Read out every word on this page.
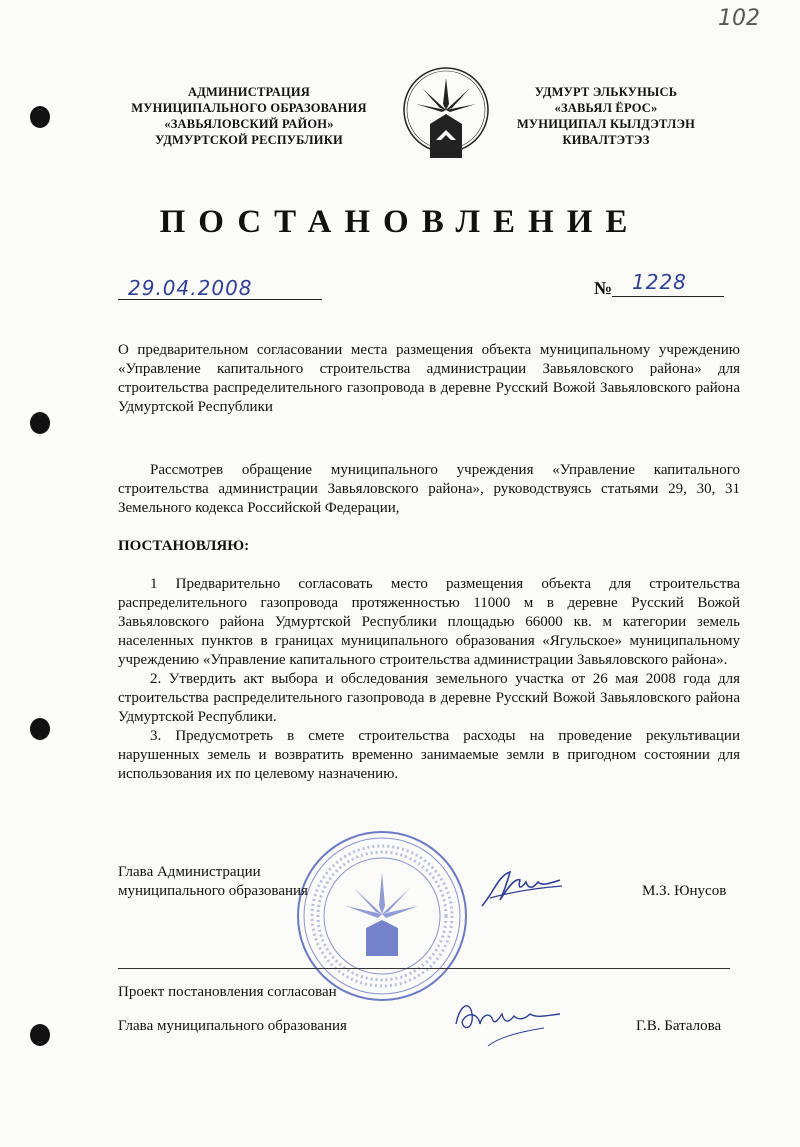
102
АДМИНИСТРАЦИЯ
МУНИЦИПАЛЬНОГО ОБРАЗОВАНИЯ
«ЗАВЬЯЛОВСКИЙ РАЙОН»
УДМУРТСКОЙ РЕСПУБЛИКИ
УДМУРТ ЭЛЬКУНЫСЬ
«ЗАВЬЯЛ ЁРОС»
МУНИЦИПАЛ КЫЛДЭТЛЭН
КИВАЛТЭТЭЗ
ПОСТАНОВЛЕНИЕ
29.04.2008	№ 1228
О предварительном согласовании места размещения объекта муниципальному учреждению «Управление капитального строительства администрации Завьяловского района» для строительства распределительного газопровода в деревне Русский Вожой Завьяловского района Удмуртской Республики
Рассмотрев обращение муниципального учреждения «Управление капитального строительства администрации Завьяловского района», руководствуясь статьями 29, 30, 31 Земельного кодекса Российской Федерации,
ПОСТАНОВЛЯЮ:
1 Предварительно согласовать место размещения объекта для строительства распределительного газопровода протяженностью 11000 м в деревне Русский Вожой Завьяловского района Удмуртской Республики площадью 66000 кв. м категории земель населенных пунктов в границах муниципального образования «Ягульское» муниципальному учреждению «Управление капитального строительства администрации Завьяловского района».
2. Утвердить акт выбора и обследования земельного участка от 26 мая 2008 года для строительства распределительного газопровода в деревне Русский Вожой Завьяловского района Удмуртской Республики.
3. Предусмотреть в смете строительства расходы на проведение рекультивации нарушенных земель и возвратить временно занимаемые земли в пригодном состоянии для использования их по целевому назначению.
Глава Администрации
муниципального образования	М.З. Юнусов
Проект постановления согласован
Глава муниципального образования	Г.В. Баталова
